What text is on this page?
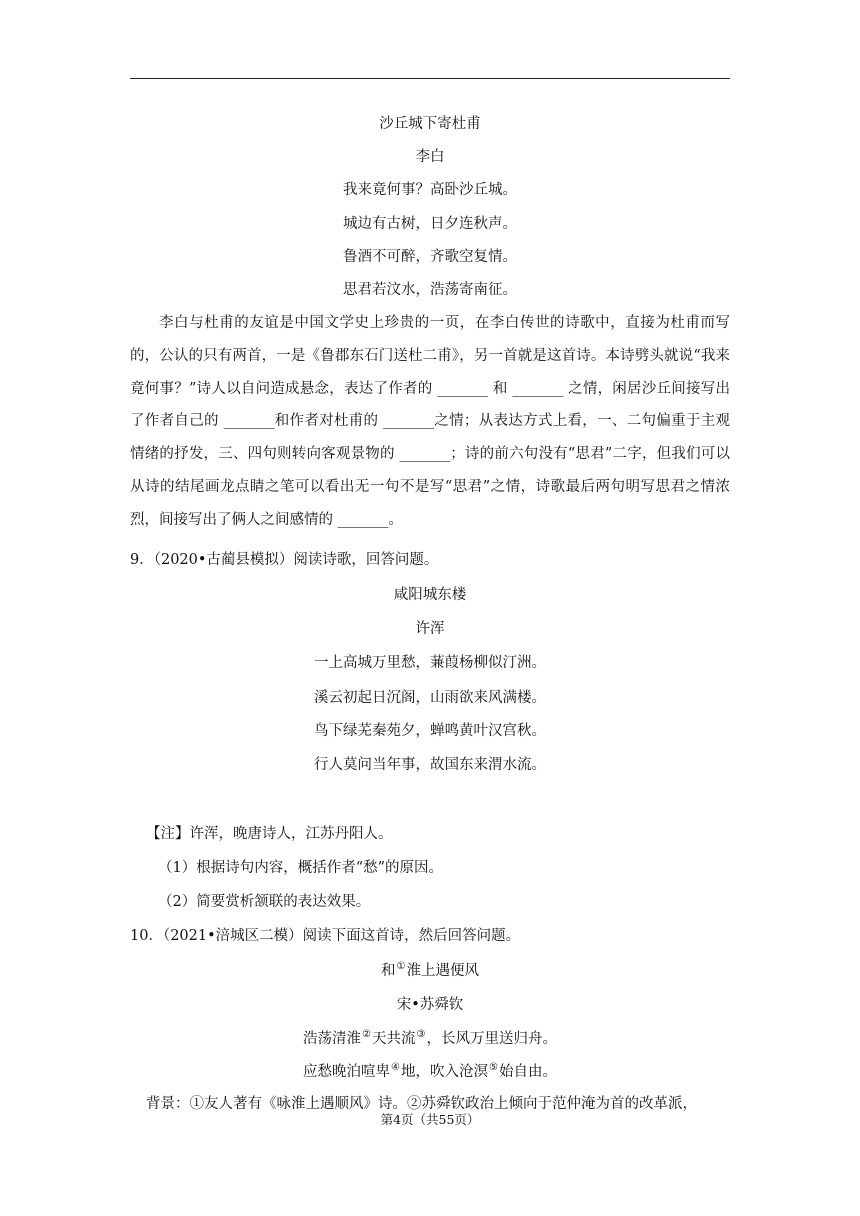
沙丘城下寄杜甫
李白
我来竟何事？高卧沙丘城。
城边有古树，日夕连秋声。
鲁酒不可醉，齐歌空复情。
思君若汶水，浩荡寄南征。
李白与杜甫的友谊是中国文学史上珍贵的一页，在李白传世的诗歌中，直接为杜甫而写的，公认的只有两首，一是《鲁郡东石门送杜二甫》，另一首就是这首诗。本诗劈头就说“我来竟何事？”诗人以自问造成悬念，表达了作者的 _______ 和 _______ 之情，闲居沙丘间接写出了作者自己的 _______和作者对杜甫的 _______之情；从表达方式上看，一、二句偏重于主观情绪的抒发，三、四句则转向客观景物的 _______；诗的前六句没有“思君”二字，但我们可以从诗的结尾画龙点睛之笔可以看出无一句不是写“思君”之情，诗歌最后两句明写思君之情浓烈，间接写出了俩人之间感情的 _______。
9．（2020•古蔺县模拟）阅读诗歌，回答问题。
咸阳城东楼
许浑
一上高城万里愁，蒹葭杨柳似汀洲。
溪云初起日沉阁，山雨欲来风满楼。
鸟下绿芜秦苑夕，蝉鸣黄叶汉宫秋。
行人莫问当年事，故国东来渭水流。
【注】许浑，晚唐诗人，江苏丹阳人。
（1）根据诗句内容，概括作者“愁”的原因。
（2）简要赏析颔联的表达效果。
10．（2021•涪城区二模）阅读下面这首诗，然后回答问题。
和①淮上遇便风
宋•苏舜钦
浩荡清淮②天共流③，长风万里送归舟。
应愁晚泊喧卑④地，吹入沧溟⑤始自由。
背景：①友人著有《咏淮上遇顺风》诗。②苏舜钦政治上倾向于范仲淹为首的改革派，
第4页（共55页）
